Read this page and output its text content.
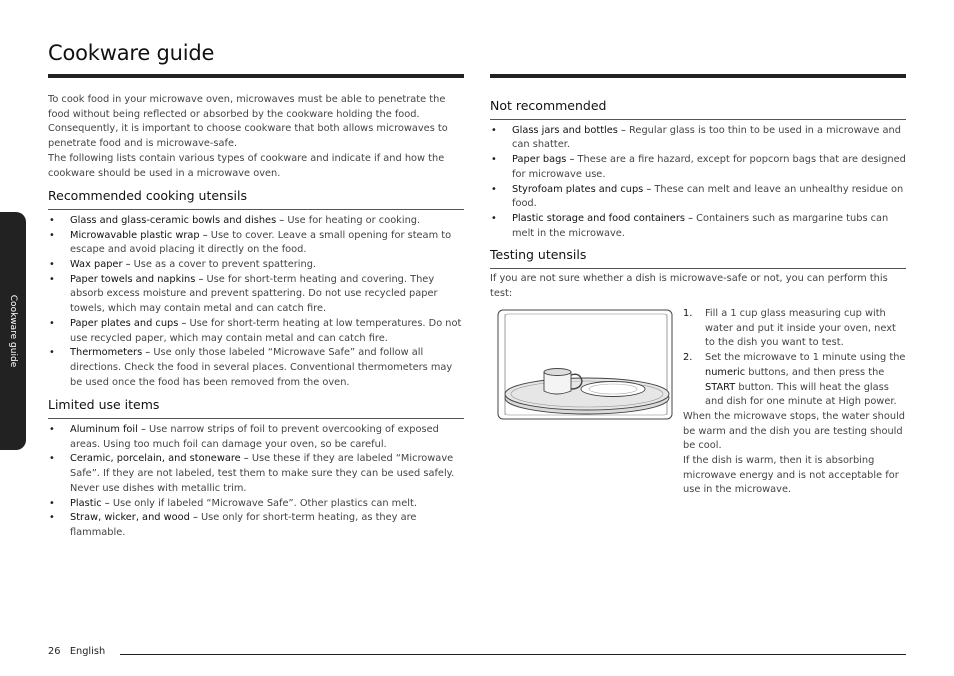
Cookware guide
Cookware guide

To cook food in your microwave oven, microwaves must be able to penetrate the food without being reflected or absorbed by the cookware holding the food. Consequently, it is important to choose cookware that both allows microwaves to penetrate food and is microwave-safe.

The following lists contain various types of cookware and indicate if and how the cookware should be used in a microwave oven.

Recommended cooking utensils
• Glass and glass-ceramic bowls and dishes – Use for heating or cooking.
• Microwavable plastic wrap – Use to cover. Leave a small opening for steam to escape and avoid placing it directly on the food.
• Wax paper – Use as a cover to prevent spattering.
• Paper towels and napkins – Use for short-term heating and covering. They absorb excess moisture and prevent spattering. Do not use recycled paper towels, which may contain metal and can catch fire.
• Paper plates and cups – Use for short-term heating at low temperatures. Do not use recycled paper, which may contain metal and can catch fire.
• Thermometers – Use only those labeled “Microwave Safe” and follow all directions. Check the food in several places. Conventional thermometers may be used once the food has been removed from the oven.
Limited use items
• Aluminum foil – Use narrow strips of foil to prevent overcooking of exposed areas. Using too much foil can damage your oven, so be careful.
• Ceramic, porcelain, and stoneware – Use these if they are labeled “Microwave Safe”. If they are not labeled, test them to make sure they can be used safely. Never use dishes with metallic trim.
• Plastic – Use only if labeled “Microwave Safe”. Other plastics can melt.
• Straw, wicker, and wood – Use only for short-term heating, as they are flammable.
Not recommended
• Glass jars and bottles – Regular glass is too thin to be used in a microwave and can shatter.
• Paper bags – These are a fire hazard, except for popcorn bags that are designed for microwave use.
• Styrofoam plates and cups – These can melt and leave an unhealthy residue on food.
• Plastic storage and food containers – Containers such as margarine tubs can melt in the microwave.
Testing utensils

If you are not sure whether a dish is microwave-safe or not, you can perform this test:

1. Fill a 1 cup glass measuring cup with water and put it inside your oven, next to the dish you want to test.
2. Set the microwave to 1 minute using the numeric buttons, and then press the START button. This will heat the glass and dish for one minute at High power.

When the microwave stops, the water should be warm and the dish you are testing should be cool.

If the dish is warm, then it is absorbing microwave energy and is not acceptable for use in the microwave.

26 English
